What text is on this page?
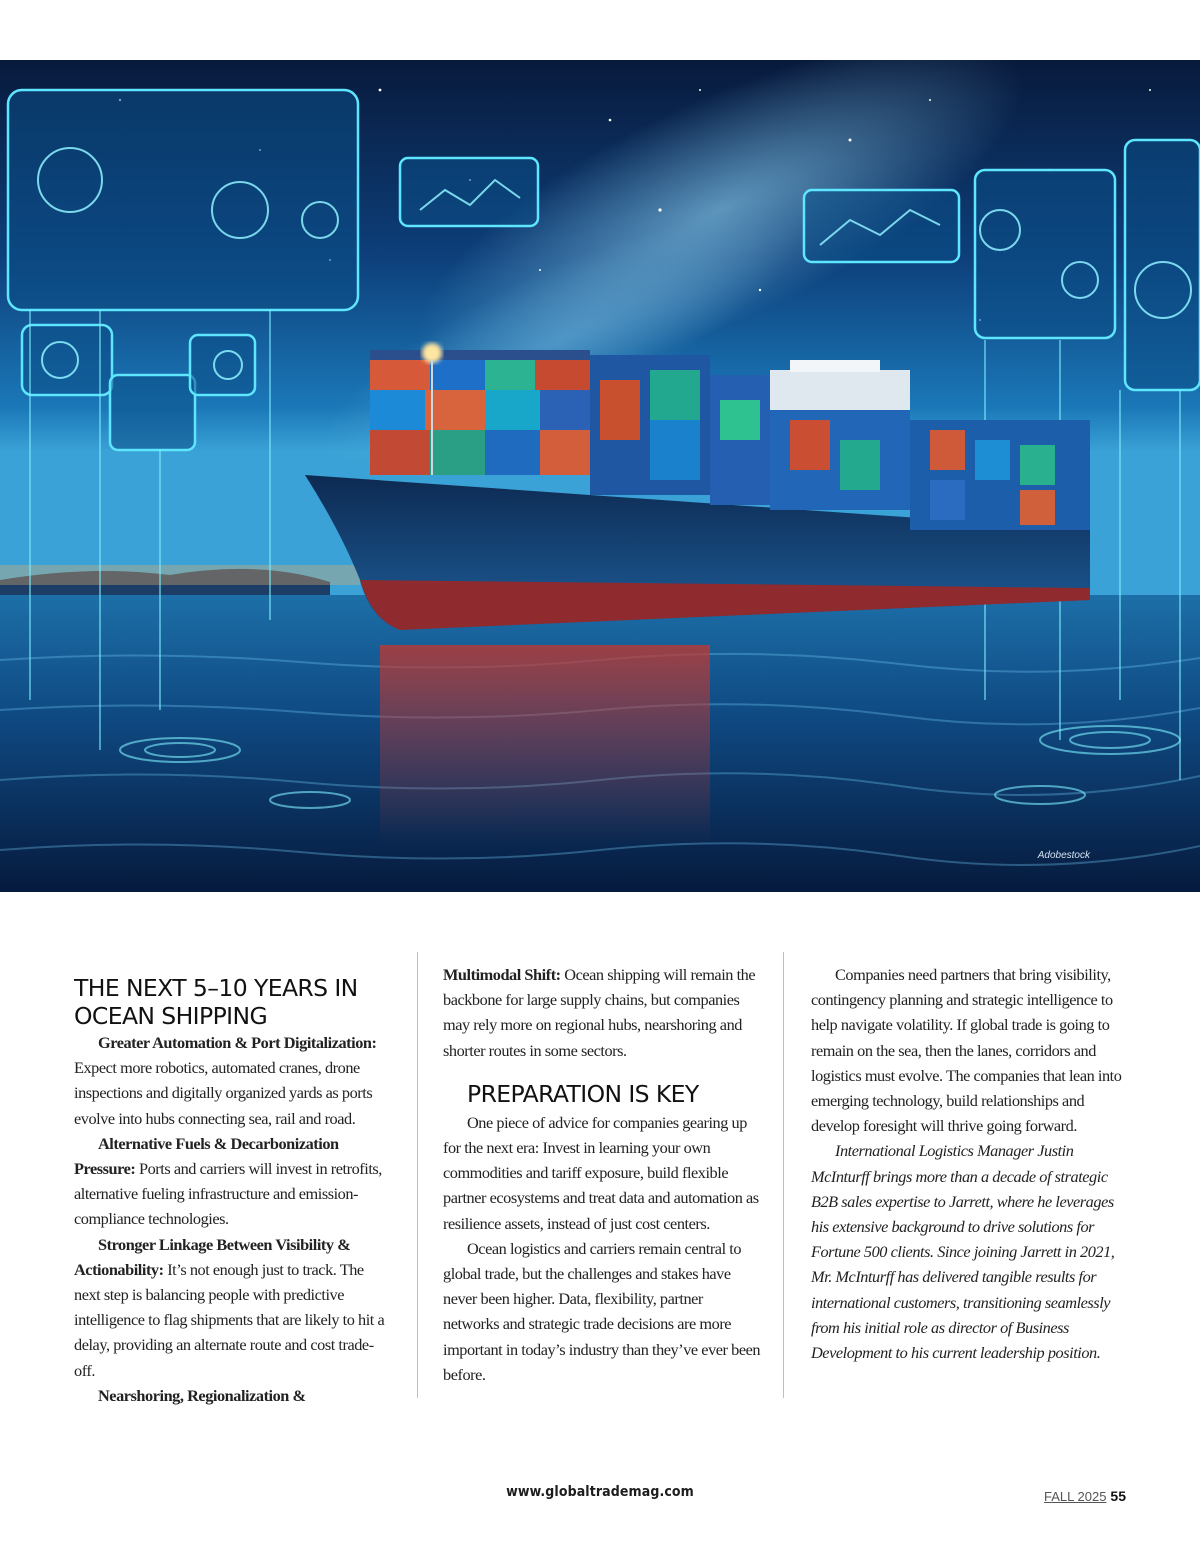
Adobestock
THE NEXT 5–10 YEARS IN OCEAN SHIPPING

Greater Automation & Port Digitalization: Expect more robotics, automated cranes, drone inspections and digitally organized yards as ports evolve into hubs connecting sea, rail and road.

Alternative Fuels & Decarbonization Pressure: Ports and carriers will invest in retrofits, alternative fueling infrastructure and emission-compliance technologies.

Stronger Linkage Between Visibility & Actionability: It’s not enough just to track. The next step is balancing people with predictive intelligence to flag shipments that are likely to hit a delay, providing an alternate route and cost trade-off.

Nearshoring, Regionalization &

Multimodal Shift: Ocean shipping will remain the backbone for large supply chains, but companies may rely more on regional hubs, nearshoring and shorter routes in some sectors.

PREPARATION IS KEY

One piece of advice for companies gearing up for the next era: Invest in learning your own commodities and tariff exposure, build flexible partner ecosystems and treat data and automation as resilience assets, instead of just cost centers.

Ocean logistics and carriers remain central to global trade, but the challenges and stakes have never been higher. Data, flexibility, partner networks and strategic trade decisions are more important in today’s industry than they’ve ever been before.

Companies need partners that bring visibility, contingency planning and strategic intelligence to help navigate volatility. If global trade is going to remain on the sea, then the lanes, corridors and logistics must evolve. The companies that lean into emerging technology, build relationships and develop foresight will thrive going forward.

International Logistics Manager Justin McInturff brings more than a decade of strategic B2B sales expertise to Jarrett, where he leverages his extensive background to drive solutions for Fortune 500 clients. Since joining Jarrett in 2021, Mr. McInturff has delivered tangible results for international customers, transitioning seamlessly from his initial role as director of Business Development to his current leadership position.

www.globaltrademag.com	FALL 2025 55
